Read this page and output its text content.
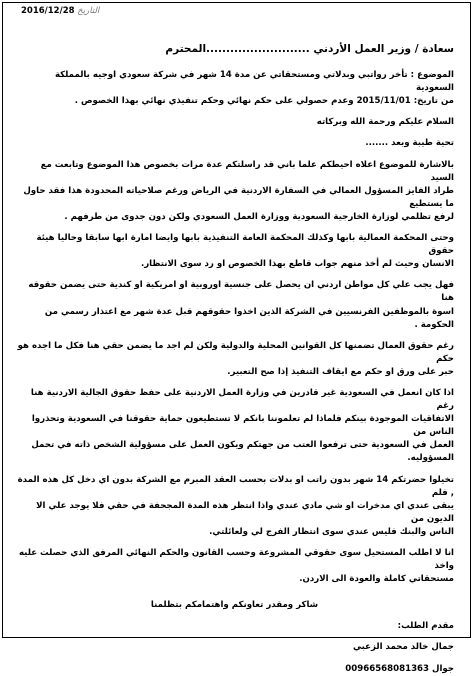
التاريخ 2016/12/28

سعادة / وزير العمل الأردني ..........................المحترم

الموضوع : تأخر رواتبي وبدلاتي ومستحقاتي عن مدة 14 شهر في شركة سعودي اوجيه بالمملكة السعودية

من تاريخ: 2015/11/01 وعدم حصولي على حكم نهائي وحكم تنفيذي نهائي بهذا الخصوص .

السلام عليكم ورحمة الله وبركاته

تحية طيبة وبعد .......

بالاشارة للموضوع اعلاه احيطكم علما باني قد راسلتكم عدة مرات بخصوص هذا الموضوع وتابعت مع السيد

طراد الفايز المسؤول العمالي في السفارة الاردنية في الرياض ورغم صلاحياته المحدودة هذا فقد حاول ما يستطيع

لرفع تظلمي لوزارة الخارجية السعودية ووزارة العمل السعودي ولكن دون جدوى من طرفهم .

وحتى المحكمة العمالية بابها وكذلك المحكمة العامة التنفيذية بابها وايضا امارة ابها سابقا وحاليا هيئة حقوق

الانسان وحيث لم أخذ منهم جواب قاطع بهذا الخصوص او رد سوى الانتظار.

فهل يجب علي كل مواطن اردني ان يحصل على جنسية اوروبية او امريكية او كندية حتى يضمن حقوقه هنا

اسوة بالموظفين الفرنسيين في الشركة الذين اخذوا حقوقهم قبل عدة شهر مع اعتذار رسمي من الحكومة .

رغم حقوق العمال تضمنها كل القوانين المحلية والدولية ولكن لم اجد ما يضمن حقي هنا فكل ما اجده هو حكم

حبر على ورق او حكم مع ايقاف التنفيذ إذا صح التعبير.

اذا كان انعمل في السعودية غير قادرين في وزارة العمل الاردنية على حفظ حقوق الجالية الاردنية هنا رغم

الاتفاقيات الموجودة بينكم فلماذا لم تعلموننا بانكم لا تستطيعون حماية حقوقنا في السعودية وتحذروا الناس من

العمل في السعودية حتى ترفعوا العتب من جهتكم ويكون العمل على مسؤولية الشخص ذاته في تحمل المسؤوليه.

تخيلوا حضرتكم 14 شهر بدون راتب او بدلات بحسب العقد المبرم مع الشركة بدون اي دخل كل هذه المدة , فلم

يبقى عندي اي مدخرات او شي مادي عندي واذا انتظر هذه المدة المجحفة في حقي فلا يوجد علي الا الديون من

الناس والبنك فليس عندي سوى انتظار الفرج لي ولعائلتي.

انا لا اطلب المستحيل سوى حقوقي المشروعة وحسب القانون والحكم النهائي المرفق الذي حصلت عليه واخذ

مستحقاتي كاملة والعودة الى الاردن.

شاكر ومقدر تعاونكم واهتمامكم بتظلمنا

مقدم الطلب:

جمال خالد محمد الزعبي

جوال 00966568081363
